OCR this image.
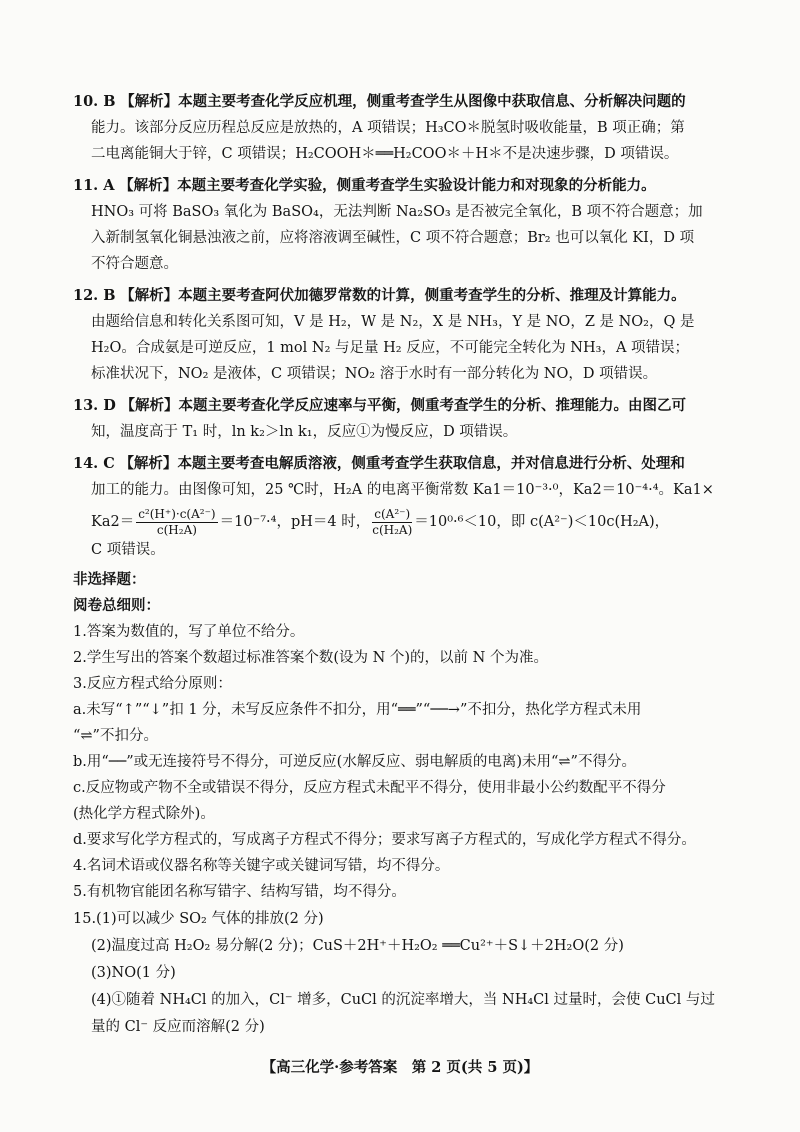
10. B 【解析】本题主要考查化学反应机理，侧重考查学生从图像中获取信息、分析解决问题的
能力。该部分反应历程总反应是放热的，A 项错误；H₃CO＊脱氢时吸收能量，B 项正确；第
二电离能铜大于锌，C 项错误；H₂COOH＊══H₂COO＊＋H＊不是决速步骤，D 项错误。
11. A 【解析】本题主要考查化学实验，侧重考查学生实验设计能力和对现象的分析能力。
HNO₃ 可将 BaSO₃ 氧化为 BaSO₄，无法判断 Na₂SO₃ 是否被完全氧化，B 项不符合题意；加
入新制氢氧化铜悬浊液之前，应将溶液调至碱性，C 项不符合题意；Br₂ 也可以氧化 KI，D 项
不符合题意。
12. B 【解析】本题主要考查阿伏加德罗常数的计算，侧重考查学生的分析、推理及计算能力。
由题给信息和转化关系图可知，V 是 H₂，W 是 N₂，X 是 NH₃，Y 是 NO，Z 是 NO₂，Q 是
H₂O。合成氨是可逆反应，1 mol N₂ 与足量 H₂ 反应，不可能完全转化为 NH₃，A 项错误；
标准状况下，NO₂ 是液体，C 项错误；NO₂ 溶于水时有一部分转化为 NO，D 项错误。
13. D 【解析】本题主要考查化学反应速率与平衡，侧重考查学生的分析、推理能力。由图乙可
知，温度高于 T₁ 时，ln k₂＞ln k₁，反应①为慢反应，D 项错误。
14. C 【解析】本题主要考查电解质溶液，侧重考查学生获取信息，并对信息进行分析、处理和
加工的能力。由图像可知，25 ℃时，H₂A 的电离平衡常数 Ka1＝10⁻³·⁰，Ka2＝10⁻⁴·⁴。Ka1×
$Ka2= \frac{\text{c²(H⁺)·c(A²⁻)}}{\text{c(H₂A)}} =10^{-7}\cdot^4$，pH＝4 时， $\frac{\text{c(A²⁻)}}{\text{c(H₂A)}} =10^0\cdot^6<10$，即 c(A²⁻)＜10c(H₂A)，
C 项错误。
非选择题：
阅卷总细则：
1.答案为数值的，写了单位不给分。
2.学生写出的答案个数超过标准答案个数(设为 N 个)的，以前 N 个为准。
3.反应方程式给分原则：
a.未写“↑”“↓”扣 1 分，未写反应条件不扣分，用“══”“──→”不扣分，热化学方程式未用
“⇌”不扣分。
b.用“──”或无连接符号不得分，可逆反应(水解反应、弱电解质的电离)未用“⇌”不得分。
c.反应物或产物不全或错误不得分，反应方程式未配平不得分，使用非最小公约数配平不得分
(热化学方程式除外)。
d.要求写化学方程式的，写成离子方程式不得分；要求写离子方程式的，写成化学方程式不得分。
4.名词术语或仪器名称等关键字或关键词写错，均不得分。
5.有机物官能团名称写错字、结构写错，均不得分。
15.(1)可以减少 SO₂ 气体的排放(2 分)
(2)温度过高 H₂O₂ 易分解(2 分)；CuS＋2H⁺＋H₂O₂ ══Cu²⁺＋S↓＋2H₂O(2 分)
(3)NO(1 分)
(4)①随着 NH₄Cl 的加入，Cl⁻ 增多，CuCl 的沉淀率增大，当 NH₄Cl 过量时，会使 CuCl 与过
量的 Cl⁻ 反应而溶解(2 分)
【高三化学·参考答案　第 2 页(共 5 页)】
